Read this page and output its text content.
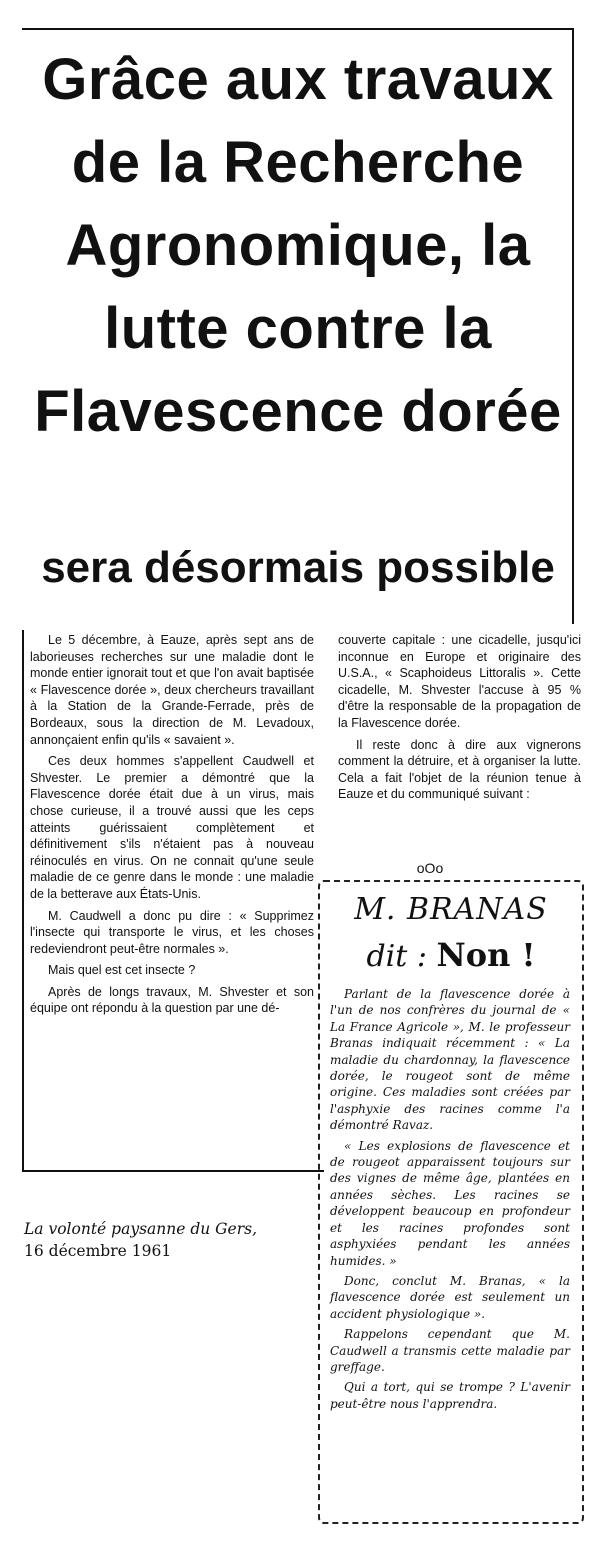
Grâce aux travaux
de la Recherche
Agronomique, la
lutte contre la
Flavescence dorée
sera désormais possible

Le 5 décembre, à Eauze, après sept ans de laborieuses recherches sur une maladie dont le monde entier ignorait tout et que l'on avait baptisée « Flavescence dorée », deux chercheurs travaillant à la Station de la Grande-Ferrade, près de Bordeaux, sous la direction de M. Levadoux, annonçaient enfin qu'ils « savaient ».

Ces deux hommes s'appellent Caudwell et Shvester. Le premier a démontré que la Flavescence dorée était due à un virus, mais chose curieuse, il a trouvé aussi que les ceps atteints guérissaient complètement et définitivement s'ils n'étaient pas à nouveau réinoculés en virus. On ne connait qu'une seule maladie de ce genre dans le monde : une maladie de la betterave aux États-Unis.

M. Caudwell a donc pu dire : « Supprimez l'insecte qui transporte le virus, et les choses redeviendront peut-être normales ».

Mais quel est cet insecte ?

Après de longs travaux, M. Shvester et son équipe ont répondu à la question par une dé-

couverte capitale : une cicadelle, jusqu'ici inconnue en Europe et originaire des U.S.A., « Scaphoideus Littoralis ». Cette cicadelle, M. Shvester l'accuse à 95 % d'être la responsable de la propagation de la Flavescence dorée.

Il reste donc à dire aux vignerons comment la détruire, et à organiser la lutte. Cela a fait l'objet de la réunion tenue à Eauze et du communiqué suivant :

oOo
M. BRANAS
dit : Non !

Parlant de la flavescence dorée à l'un de nos confrères du journal de « La France Agricole », M. le professeur Branas indiquait récemment : « La maladie du chardonnay, la flavescence dorée, le rougeot sont de même origine. Ces maladies sont créées par l'asphyxie des racines comme l'a démontré Ravaz.

« Les explosions de flavescence et de rougeot apparaissent toujours sur des vignes de même âge, plantées en années sèches. Les racines se développent beaucoup en profondeur et les racines profondes sont asphyxiées pendant les années humides. »

Donc, conclut M. Branas, « la flavescence dorée est seulement un accident physiologique ».

Rappelons cependant que M. Caudwell a transmis cette maladie par greffage.

Qui a tort, qui se trompe ? L'avenir peut-être nous l'apprendra.

La volonté paysanne du Gers,
16 décembre 1961
